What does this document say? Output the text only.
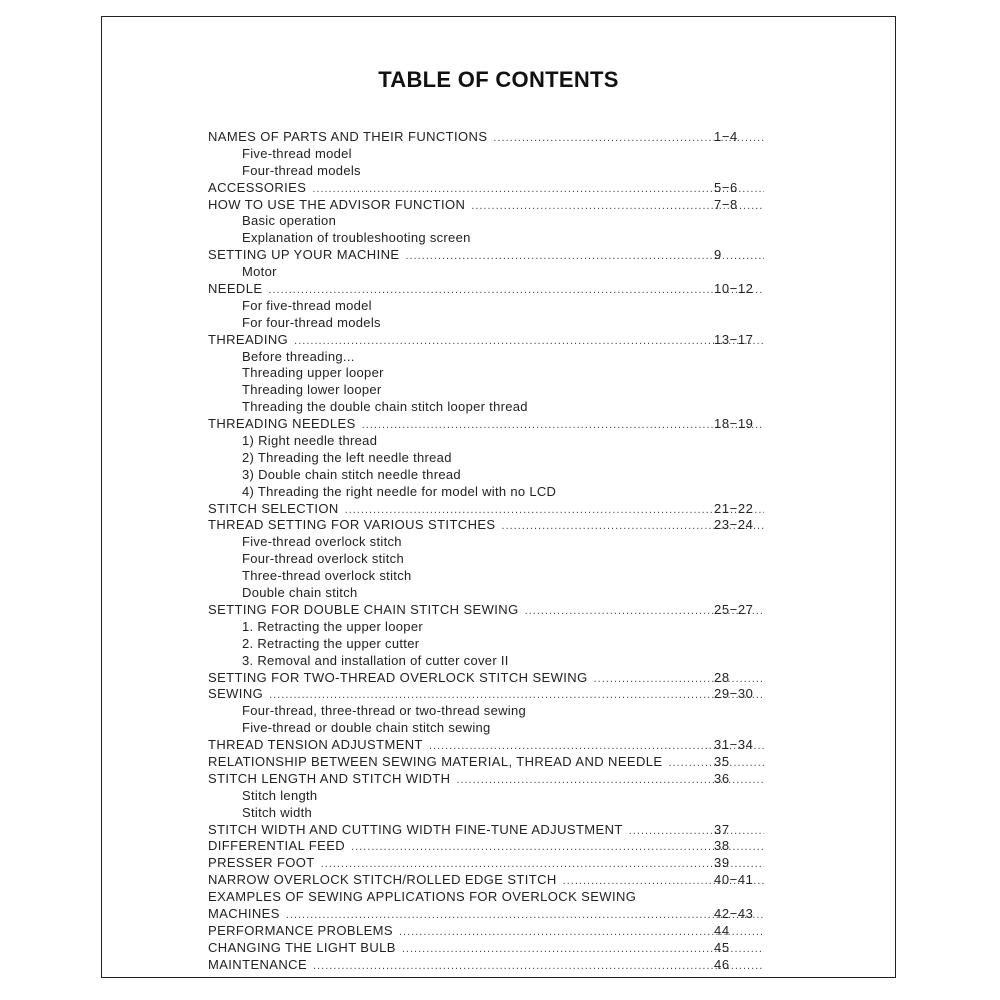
TABLE OF CONTENTS
NAMES OF PARTS AND THEIR FUNCTIONS .....	1−4
Five-thread model
Four-thread models
ACCESSORIES .....	5−6
HOW TO USE THE ADVISOR FUNCTION .....	7−8
Basic operation
Explanation of troubleshooting screen
SETTING UP YOUR MACHINE .....	9
Motor
NEEDLE .....	10−12
For five-thread model
For four-thread models
THREADING .....	13−17
Before threading...
Threading upper looper
Threading lower looper
Threading the double chain stitch looper thread
THREADING NEEDLES .....	18−19
1) Right needle thread
2) Threading the left needle thread
3) Double chain stitch needle thread
4) Threading the right needle for model with no LCD
STITCH SELECTION .....	21−22
THREAD SETTING FOR VARIOUS STITCHES .....	23−24
Five-thread overlock stitch
Four-thread overlock stitch
Three-thread overlock stitch
Double chain stitch
SETTING FOR DOUBLE CHAIN STITCH SEWING .....	25−27
1. Retracting the upper looper
2. Retracting the upper cutter
3. Removal and installation of cutter cover II
SETTING FOR TWO-THREAD OVERLOCK STITCH SEWING .....	28
SEWING .....	29−30
Four-thread, three-thread or two-thread sewing
Five-thread or double chain stitch sewing
THREAD TENSION ADJUSTMENT .....	31−34
RELATIONSHIP BETWEEN SEWING MATERIAL, THREAD AND NEEDLE .....	35
STITCH LENGTH AND STITCH WIDTH .....	36
Stitch length
Stitch width
STITCH WIDTH AND CUTTING WIDTH FINE-TUNE ADJUSTMENT .....	37
DIFFERENTIAL FEED .....	38
PRESSER FOOT .....	39
NARROW OVERLOCK STITCH/ROLLED EDGE STITCH .....	40−41
EXAMPLES OF SEWING APPLICATIONS FOR OVERLOCK SEWING
MACHINES .....	42−43
PERFORMANCE PROBLEMS .....	44
CHANGING THE LIGHT BULB .....	45
MAINTENANCE .....	46
